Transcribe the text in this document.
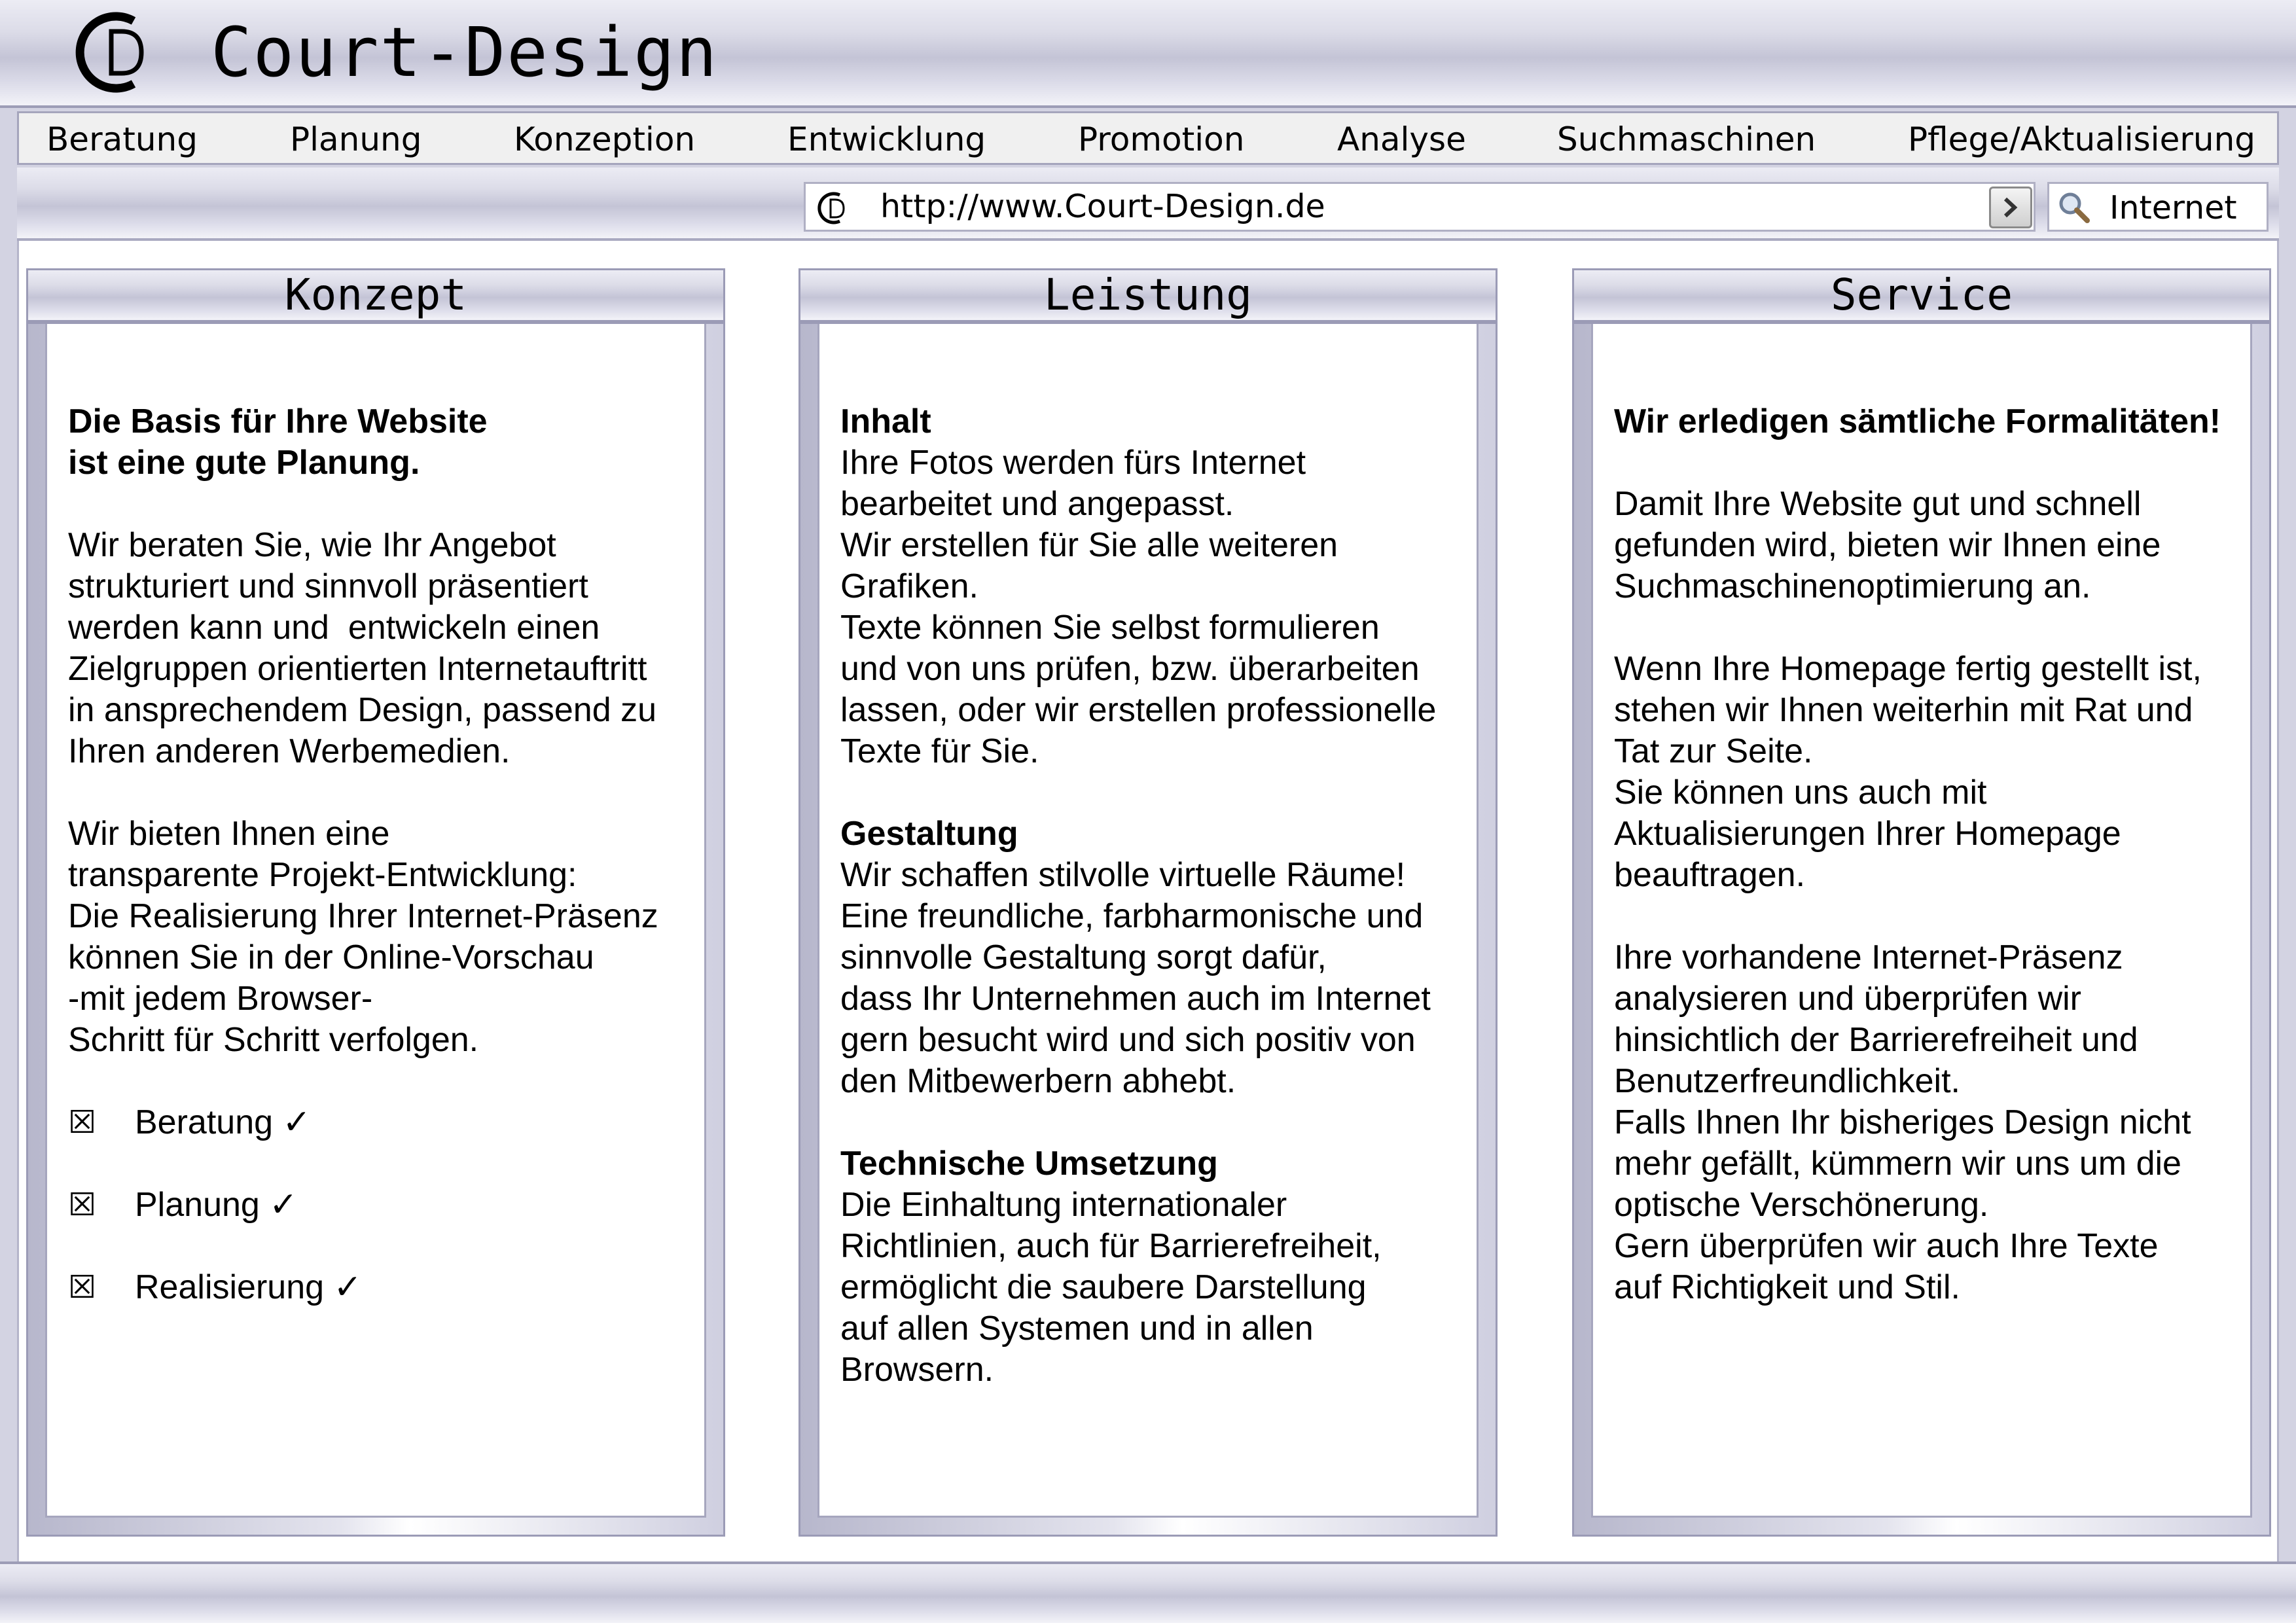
Court-Design
Beratung	Planung	Konzeption	Entwicklung	Promotion	Analyse	Suchmaschinen	Pflege/Aktualisierung
http://www.Court-Design.de	Internet
Konzept

Die Basis für Ihre Website
ist eine gute Planung.

Wir beraten Sie, wie Ihr Angebot
strukturiert und sinnvoll präsentiert
werden kann und  entwickeln einen
Zielgruppen orientierten Internetauftritt
in ansprechendem Design, passend zu
Ihren anderen Werbemedien.

Wir bieten Ihnen eine
transparente Projekt-Entwicklung:
Die Realisierung Ihrer Internet-Präsenz
können Sie in der Online-Vorschau
-mit jedem Browser-
Schritt für Schritt verfolgen.

☒ Beratung ✓
☒ Planung ✓
☒ Realisierung ✓
Leistung

Inhalt
Ihre Fotos werden fürs Internet
bearbeitet und angepasst.
Wir erstellen für Sie alle weiteren
Grafiken.
Texte können Sie selbst formulieren
und von uns prüfen, bzw. überarbeiten
lassen, oder wir erstellen professionelle
Texte für Sie.

Gestaltung
Wir schaffen stilvolle virtuelle Räume!
Eine freundliche, farbharmonische und
sinnvolle Gestaltung sorgt dafür,
dass Ihr Unternehmen auch im Internet
gern besucht wird und sich positiv von
den Mitbewerbern abhebt.

Technische Umsetzung
Die Einhaltung internationaler
Richtlinien, auch für Barrierefreiheit,
ermöglicht die saubere Darstellung
auf allen Systemen und in allen
Browsern.

Service

Wir erledigen sämtliche Formalitäten!

Damit Ihre Website gut und schnell
gefunden wird, bieten wir Ihnen eine
Suchmaschinenoptimierung an.

Wenn Ihre Homepage fertig gestellt ist,
stehen wir Ihnen weiterhin mit Rat und
Tat zur Seite.
Sie können uns auch mit
Aktualisierungen Ihrer Homepage
beauftragen.

Ihre vorhandene Internet-Präsenz
analysieren und überprüfen wir
hinsichtlich der Barrierefreiheit und
Benutzerfreundlichkeit.
Falls Ihnen Ihr bisheriges Design nicht
mehr gefällt, kümmern wir uns um die
optische Verschönerung.
Gern überprüfen wir auch Ihre Texte
auf Richtigkeit und Stil.
